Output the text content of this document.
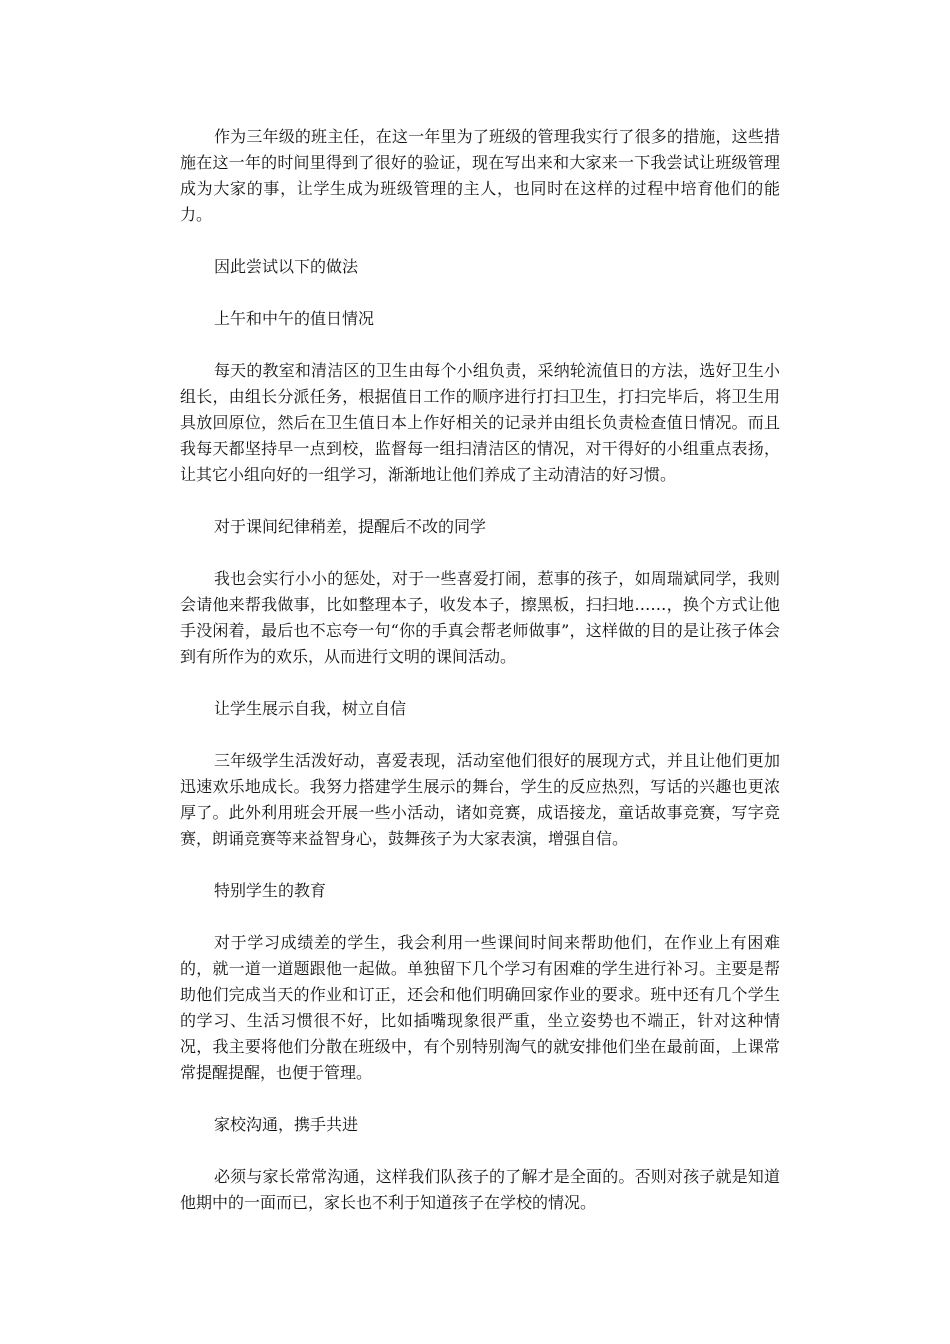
作为三年级的班主任，在这一年里为了班级的管理我实行了很多的措施，这些措施在这一年的时间里得到了很好的验证，现在写出来和大家来一下我尝试让班级管理成为大家的事，让学生成为班级管理的主人，也同时在这样的过程中培育他们的能力。

因此尝试以下的做法

上午和中午的值日情况

每天的教室和清洁区的卫生由每个小组负责，采纳轮流值日的方法，选好卫生小组长，由组长分派任务，根据值日工作的顺序进行打扫卫生，打扫完毕后，将卫生用具放回原位，然后在卫生值日本上作好相关的记录并由组长负责检查值日情况。而且我每天都坚持早一点到校，监督每一组扫清洁区的情况，对干得好的小组重点表扬，让其它小组向好的一组学习，渐渐地让他们养成了主动清洁的好习惯。

对于课间纪律稍差，提醒后不改的同学

我也会实行小小的惩处，对于一些喜爱打闹，惹事的孩子，如周瑞斌同学，我则会请他来帮我做事，比如整理本子，收发本子，擦黑板，扫扫地……，换个方式让他手没闲着，最后也不忘夸一句“你的手真会帮老师做事”，这样做的目的是让孩子体会到有所作为的欢乐，从而进行文明的课间活动。

让学生展示自我，树立自信

三年级学生活泼好动，喜爱表现，活动室他们很好的展现方式，并且让他们更加迅速欢乐地成长。我努力搭建学生展示的舞台，学生的反应热烈，写话的兴趣也更浓厚了。此外利用班会开展一些小活动，诸如竞赛，成语接龙，童话故事竞赛，写字竞赛，朗诵竞赛等来益智身心，鼓舞孩子为大家表演，增强自信。

特别学生的教育

对于学习成绩差的学生，我会利用一些课间时间来帮助他们，在作业上有困难的，就一道一道题跟他一起做。单独留下几个学习有困难的学生进行补习。主要是帮助他们完成当天的作业和订正，还会和他们明确回家作业的要求。班中还有几个学生的学习、生活习惯很不好，比如插嘴现象很严重，坐立姿势也不端正，针对这种情况，我主要将他们分散在班级中，有个别特别淘气的就安排他们坐在最前面，上课常常提醒提醒，也便于管理。

家校沟通，携手共进

必须与家长常常沟通，这样我们队孩子的了解才是全面的。否则对孩子就是知道他期中的一面而已，家长也不利于知道孩子在学校的情况。
